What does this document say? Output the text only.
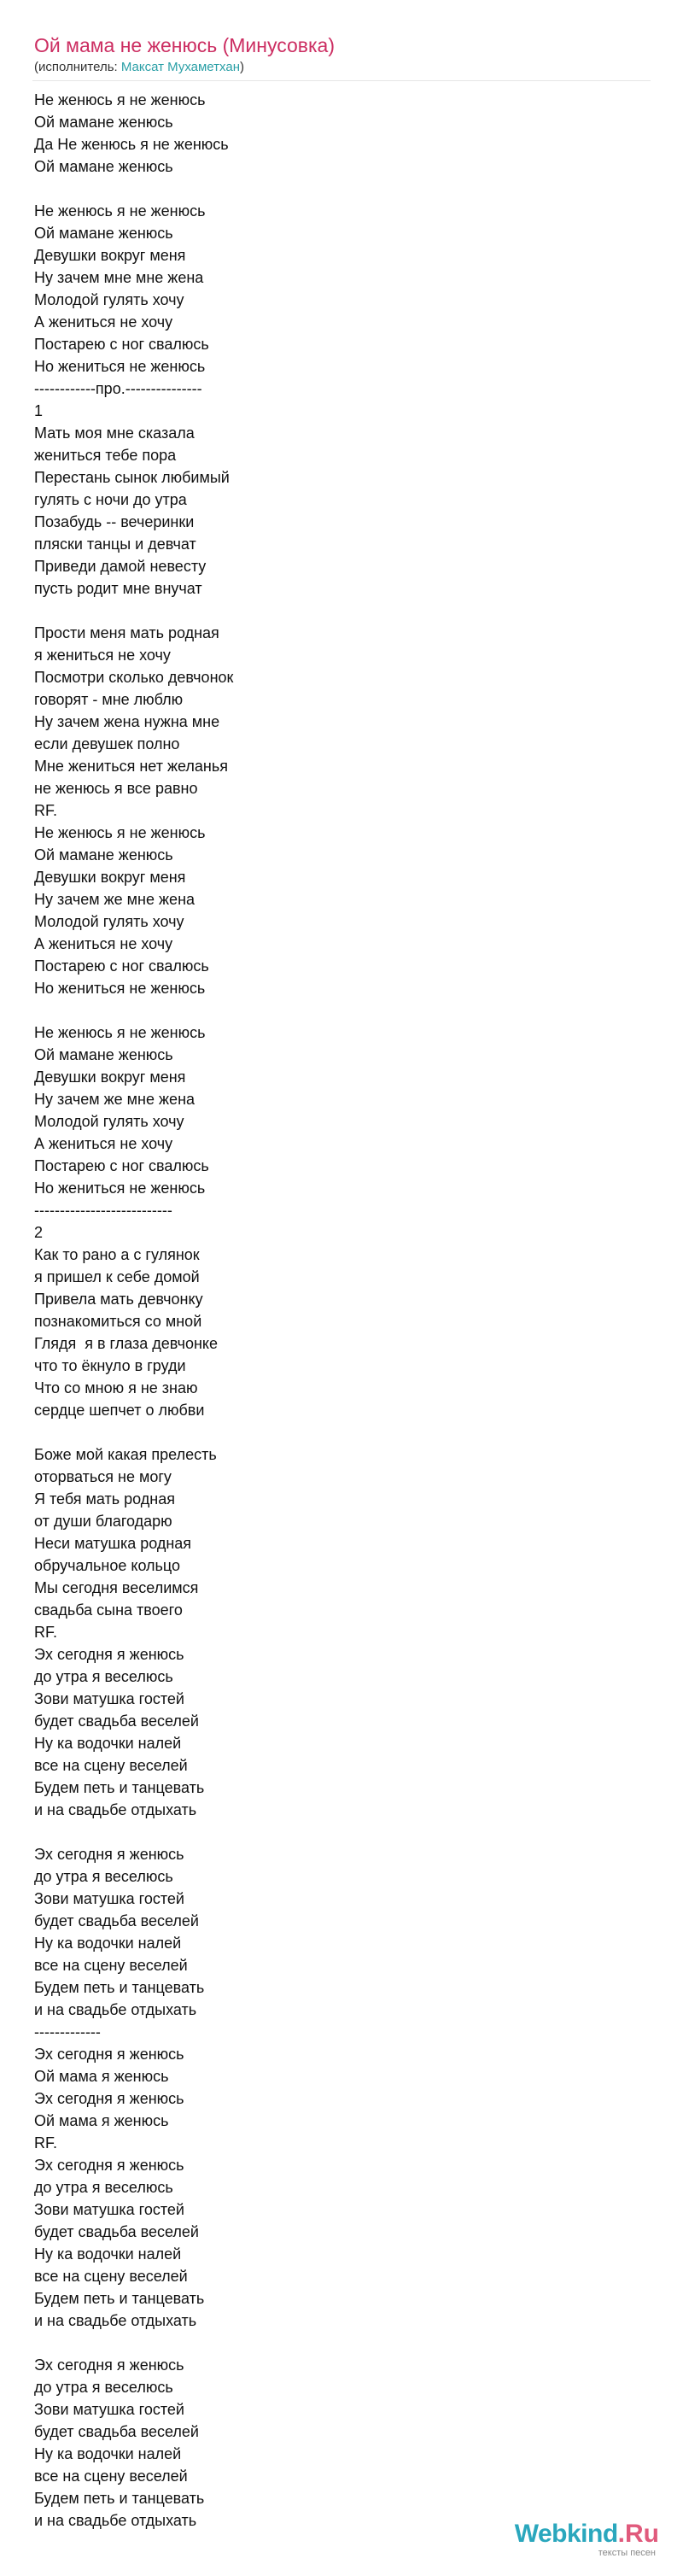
Ой мама не женюсь (Минусовка)
(исполнитель: Максат Мухаметхан)
Не женюсь я не женюсь
Ой мамане женюсь
Да Не женюсь я не женюсь
Ой мамане женюсь

Не женюсь я не женюсь
Ой мамане женюсь
Девушки вокруг меня
Ну зачем мне мне жена
Молодой гулять хочу
А жениться не хочу
Постарею с ног свалюсь
Но жениться не женюсь
------------про.---------------
1
Мать моя мне сказала
жениться тебе пора
Перестань сынок любимый
гулять с ночи до утра
Позабудь -- вечеринки
пляски танцы и девчат
Приведи дамой невесту
пусть родит мне внучат

Прости меня мать родная
я жениться не хочу
Посмотри сколько девчонок
говорят - мне люблю
Ну зачем жена нужна мне
если девушек полно
Мне жениться нет желанья
не женюсь я все равно
RF.
Не женюсь я не женюсь
Ой мамане женюсь
Девушки вокруг меня
Ну зачем же мне жена
Молодой гулять хочу
А жениться не хочу
Постарею с ног свалюсь
Но жениться не женюсь

Не женюсь я не женюсь
Ой мамане женюсь
Девушки вокруг меня
Ну зачем же мне жена
Молодой гулять хочу
А жениться не хочу
Постарею с ног свалюсь
Но жениться не женюсь
---------------------------
2
Как то рано а с гулянок
я пришел к себе домой
Привела мать девчонку
познакомиться со мной
Глядя  я в глаза девчонке
что то ёкнуло в груди
Что со мною я не знаю
сердце шепчет о любви

Боже мой какая прелесть
оторваться не могу
Я тебя мать родная
от души благодарю
Неси матушка родная
обручальное кольцо
Мы сегодня веселимся
свадьба сына твоего
RF.
Эх сегодня я женюсь
до утра я веселюсь
Зови матушка гостей
будет свадьба веселей
Ну ка водочки налей
все на сцену веселей
Будем петь и танцевать
и на свадьбе отдыхать

Эх сегодня я женюсь
до утра я веселюсь
Зови матушка гостей
будет свадьба веселей
Ну ка водочки налей
все на сцену веселей
Будем петь и танцевать
и на свадьбе отдыхать
-------------
Эх сегодня я женюсь
Ой мама я женюсь
Эх сегодня я женюсь
Ой мама я женюсь
RF.
Эх сегодня я женюсь
до утра я веселюсь
Зови матушка гостей
будет свадьба веселей
Ну ка водочки налей
все на сцену веселей
Будем петь и танцевать
и на свадьбе отдыхать

Эх сегодня я женюсь
до утра я веселюсь
Зови матушка гостей
будет свадьба веселей
Ну ка водочки налей
все на сцену веселей
Будем петь и танцевать
и на свадьбе отдыхать	Webkind.Ru
тексты песен
